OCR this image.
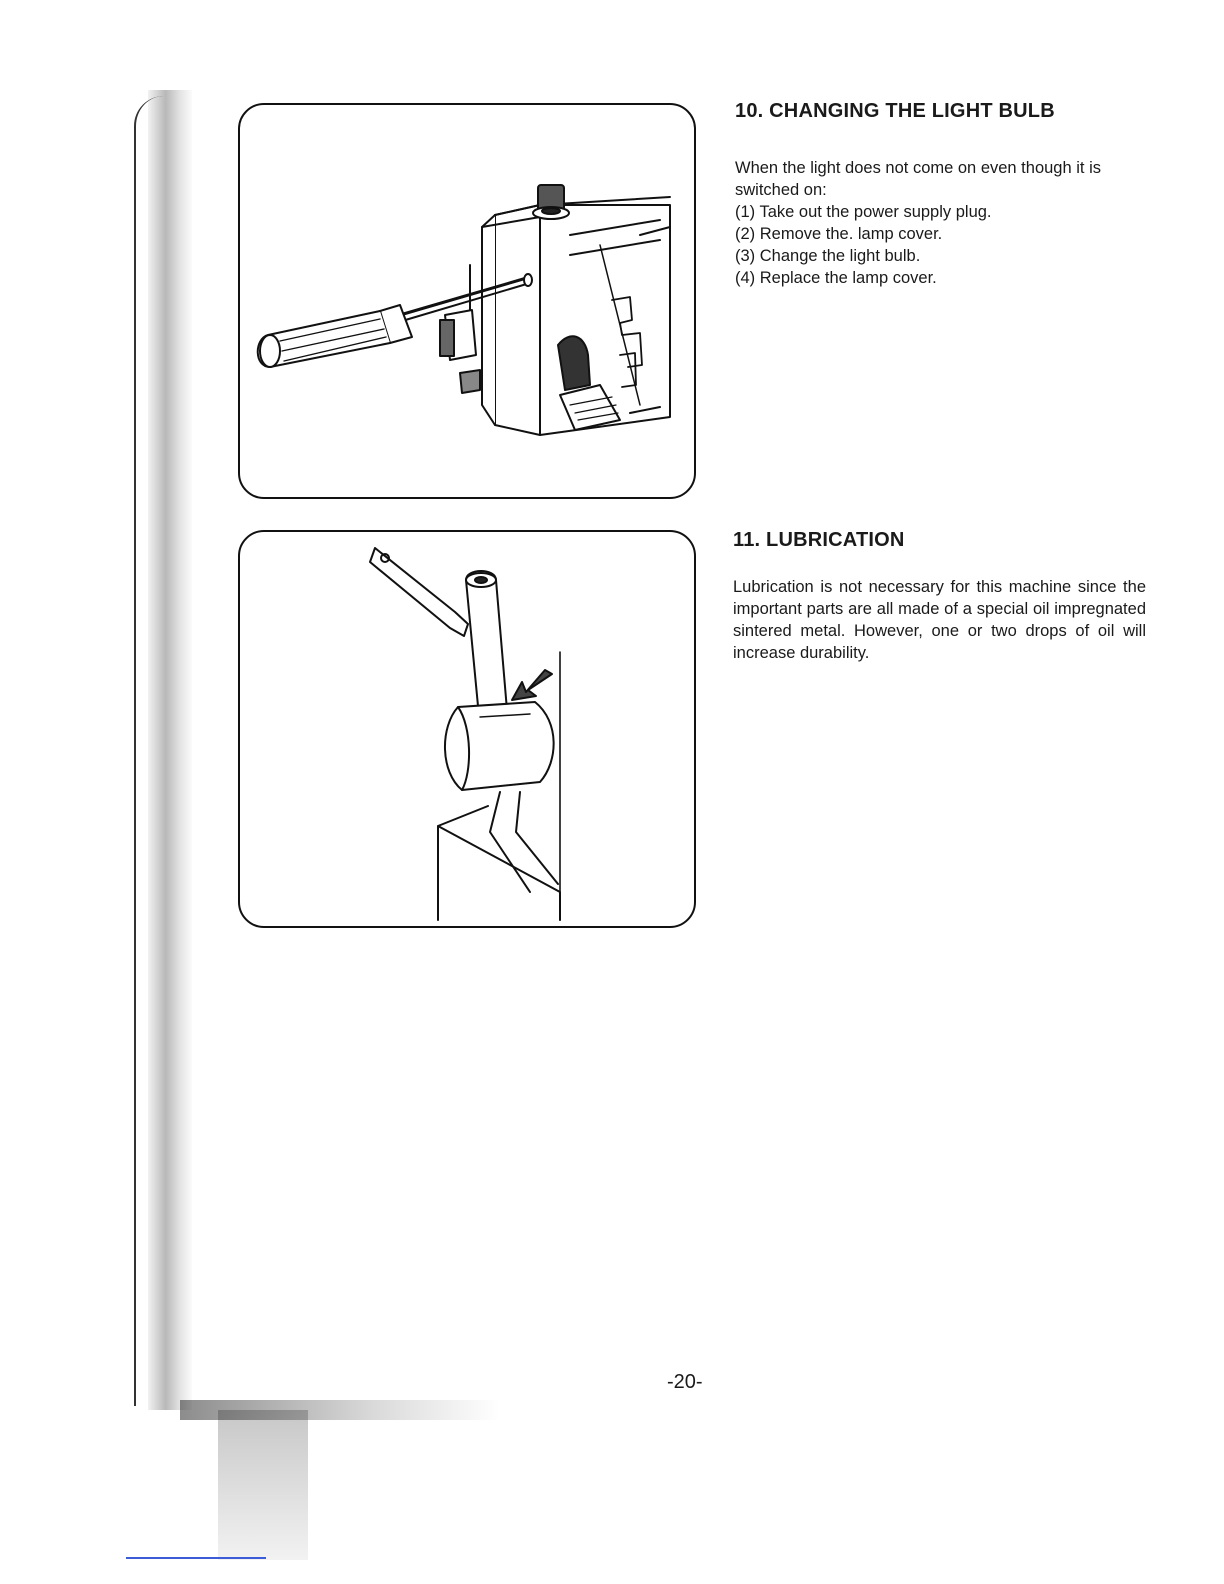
10. CHANGING THE LIGHT BULB

When the light does not come on even though it is switched on:

(1) Take out the power supply plug.
(2) Remove the. lamp cover.
(3) Change the light bulb.
(4) Replace the lamp cover.
11. LUBRICATION

Lubrication is not necessary for this machine since the important parts are all made of a special oil impregnated sintered metal. However, one or two drops of oil will increase durability.

-20-
